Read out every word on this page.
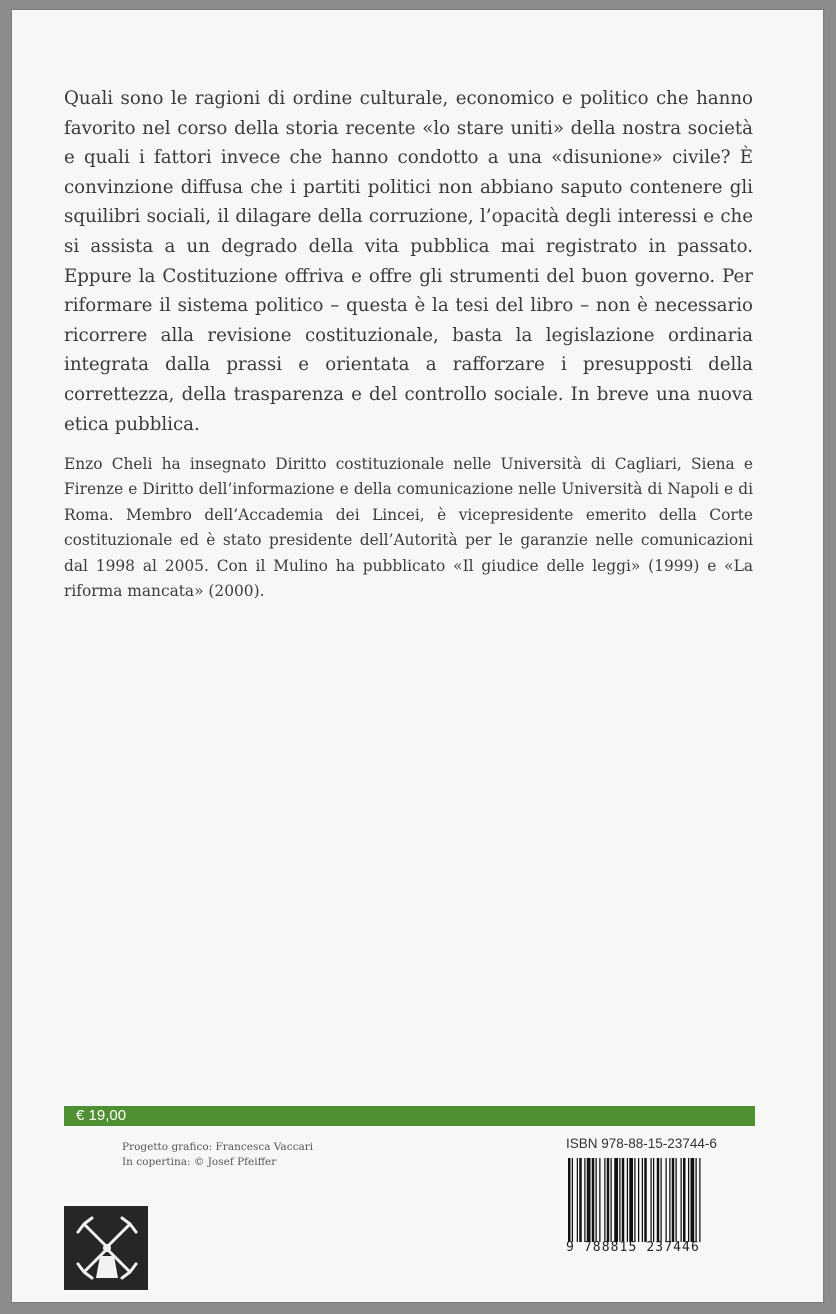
Quali sono le ragioni di ordine culturale, economico e politico che hanno favorito nel corso della storia recente «lo stare uniti» della nostra società e quali i fattori invece che hanno condotto a una «disunione» civile? È convinzione diffusa che i partiti politici non abbiano saputo contenere gli squilibri sociali, il dilagare della corruzione, l’opacità degli interessi e che si assista a un degrado della vita pubblica mai registrato in passato. Eppure la Costituzione offriva e offre gli strumenti del buon governo. Per riformare il sistema politico – questa è la tesi del libro – non è necessario ricorrere alla revisione costituzionale, basta la legislazione ordinaria integrata dalla prassi e orientata a rafforzare i presupposti della correttezza, della trasparenza e del controllo sociale. In breve una nuova etica pubblica.

Enzo Cheli ha insegnato Diritto costituzionale nelle Università di Cagliari, Siena e Firenze e Diritto dell’informazione e della comunicazione nelle Università di Napoli e di Roma. Membro dell’Accademia dei Lincei, è vicepresidente emerito della Corte costituzionale ed è stato presidente dell’Autorità per le garanzie nelle comunicazioni dal 1998 al 2005. Con il Mulino ha pubblicato «Il giudice delle leggi» (1999) e «La riforma mancata» (2000).

€ 19,00
Progetto grafico: Francesca Vaccari
In copertina: © Josef Pfeiffer
ISBN 978-88-15-23744-6
9 788815 237446
